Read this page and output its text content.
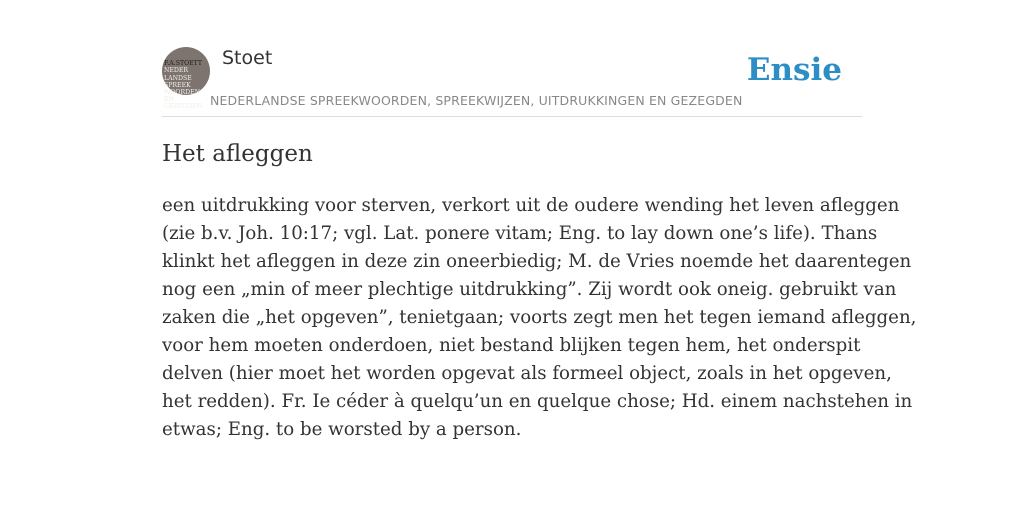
F.A.STOETT
NEDER
LANDSE
SPREEK
WOORDEN EN
GEZEGDEN

Stoet

NEDERLANDSE SPREEKWOORDEN, SPREEKWIJZEN, UITDRUKKINGEN EN GEZEGDEN

Ensie
Het afleggen
een uitdrukking voor sterven, verkort uit de oudere wending het leven afleggen
(zie b.v. Joh. 10:17; vgl. Lat. ponere vitam; Eng. to lay down one’s life). Thans
klinkt het afleggen in deze zin oneerbiedig; M. de Vries noemde het daarentegen
nog een „min of meer plechtige uitdrukking”. Zij wordt ook oneig. gebruikt van
zaken die „het opgeven”, tenietgaan; voorts zegt men het tegen iemand afleggen,
voor hem moeten onderdoen, niet bestand blijken tegen hem, het onderspit
delven (hier moet het worden opgevat als formeel object, zoals in het opgeven,
het redden). Fr. Ie céder à quelqu’un en quelque chose; Hd. einem nachstehen in
etwas; Eng. to be worsted by a person.
